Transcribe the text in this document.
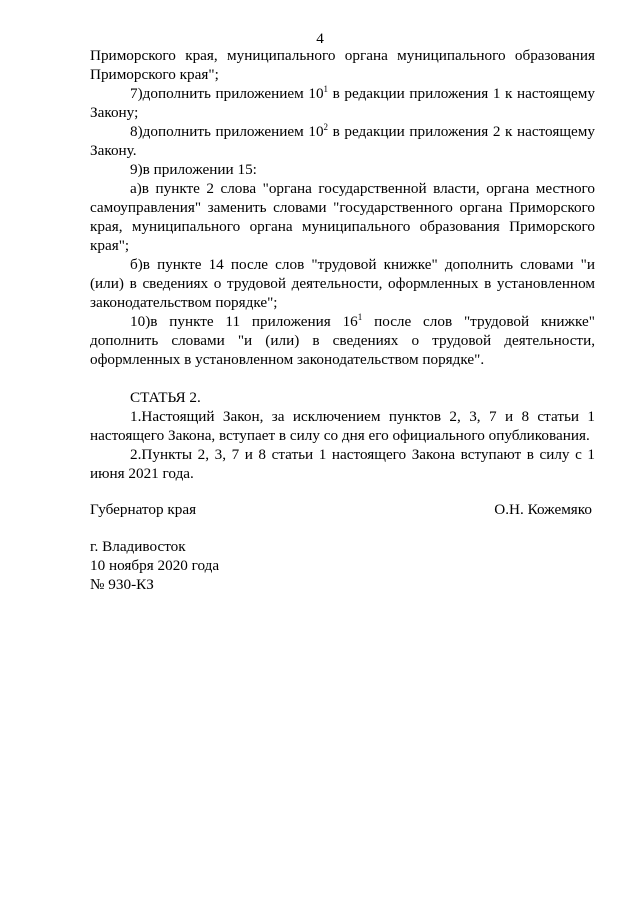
4

Приморского края, муниципального органа муниципального образования Приморского края";

7)дополнить приложением $10^1$ в редакции приложения 1 к настоящему Закону;

8)дополнить приложением $10^2$ в редакции приложения 2 к настоящему Закону.

9)в приложении 15:

а)в пункте 2 слова "органа государственной власти, органа местного самоуправления" заменить словами "государственного органа Приморского края, муниципального органа муниципального образования Приморского края";

б)в пункте 14 после слов "трудовой книжке" дополнить словами "и (или) в сведениях о трудовой деятельности, оформленных в установленном законодательством порядке";

10)в пункте 11 приложения $16^1$ после слов "трудовой книжке" дополнить словами "и (или) в сведениях о трудовой деятельности, оформленных в установленном законодательством порядке".

СТАТЬЯ 2.

1.Настоящий Закон, за исключением пунктов 2, 3, 7 и 8 статьи 1 настоящего Закона, вступает в силу со дня его официального опубликования.

2.Пункты 2, 3, 7 и 8 статьи 1 настоящего Закона вступают в силу с 1 июня 2021 года.

Губернатор края	О.Н. Кожемяко
г. Владивосток
10 ноября 2020 года
№ 930-КЗ
